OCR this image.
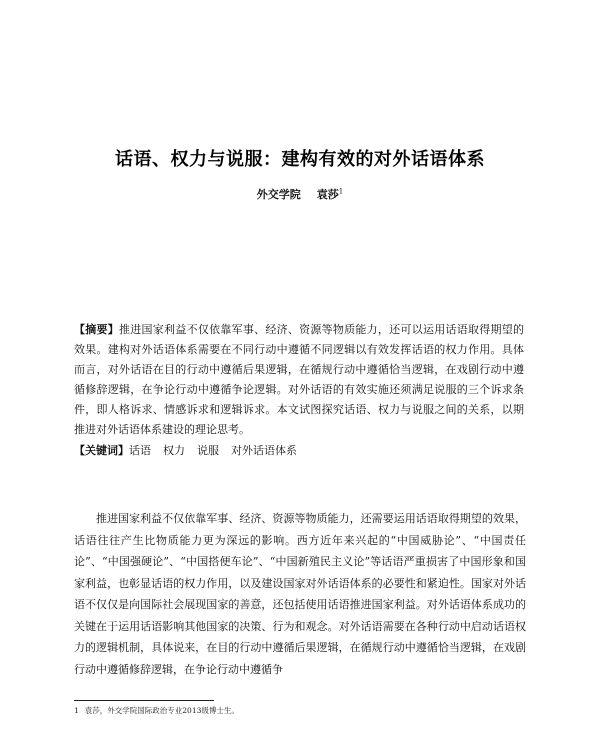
话语、权力与说服：建构有效的对外话语体系
外交学院 袁莎$^1$
【摘要】推进国家利益不仅依靠军事、经济、资源等物质能力，还可以运用话语取得期望的效果。建构对外话语体系需要在不同行动中遵循不同逻辑以有效发挥话语的权力作用。具体而言，对外话语在目的行动中遵循后果逻辑，在循规行动中遵循恰当逻辑，在戏剧行动中遵循修辞逻辑，在争论行动中遵循争论逻辑。对外话语的有效实施还须满足说服的三个诉求条件，即人格诉求、情感诉求和逻辑诉求。本文试图探究话语、权力与说服之间的关系，以期推进对外话语体系建设的理论思考。
【关键词】话语 权力 说服 对外话语体系
推进国家利益不仅依靠军事、经济、资源等物质能力，还需要运用话语取得期望的效果，话语往往产生比物质能力更为深远的影响。西方近年来兴起的“中国威胁论”、“中国责任论”、“中国强硬论”、“中国搭便车论”、“中国新殖民主义论”等话语严重损害了中国形象和国家利益，也彰显话语的权力作用，以及建设国家对外话语体系的必要性和紧迫性。国家对外话语不仅仅是向国际社会展现国家的善意，还包括使用话语推进国家利益。对外话语体系成功的关键在于运用话语影响其他国家的决策、行为和观念。对外话语需要在各种行动中启动话语权力的逻辑机制，具体说来，在目的行动中遵循后果逻辑，在循规行动中遵循恰当逻辑，在戏剧行动中遵循修辞逻辑，在争论行动中遵循争
1 袁莎，外交学院国际政治专业2013级博士生。
